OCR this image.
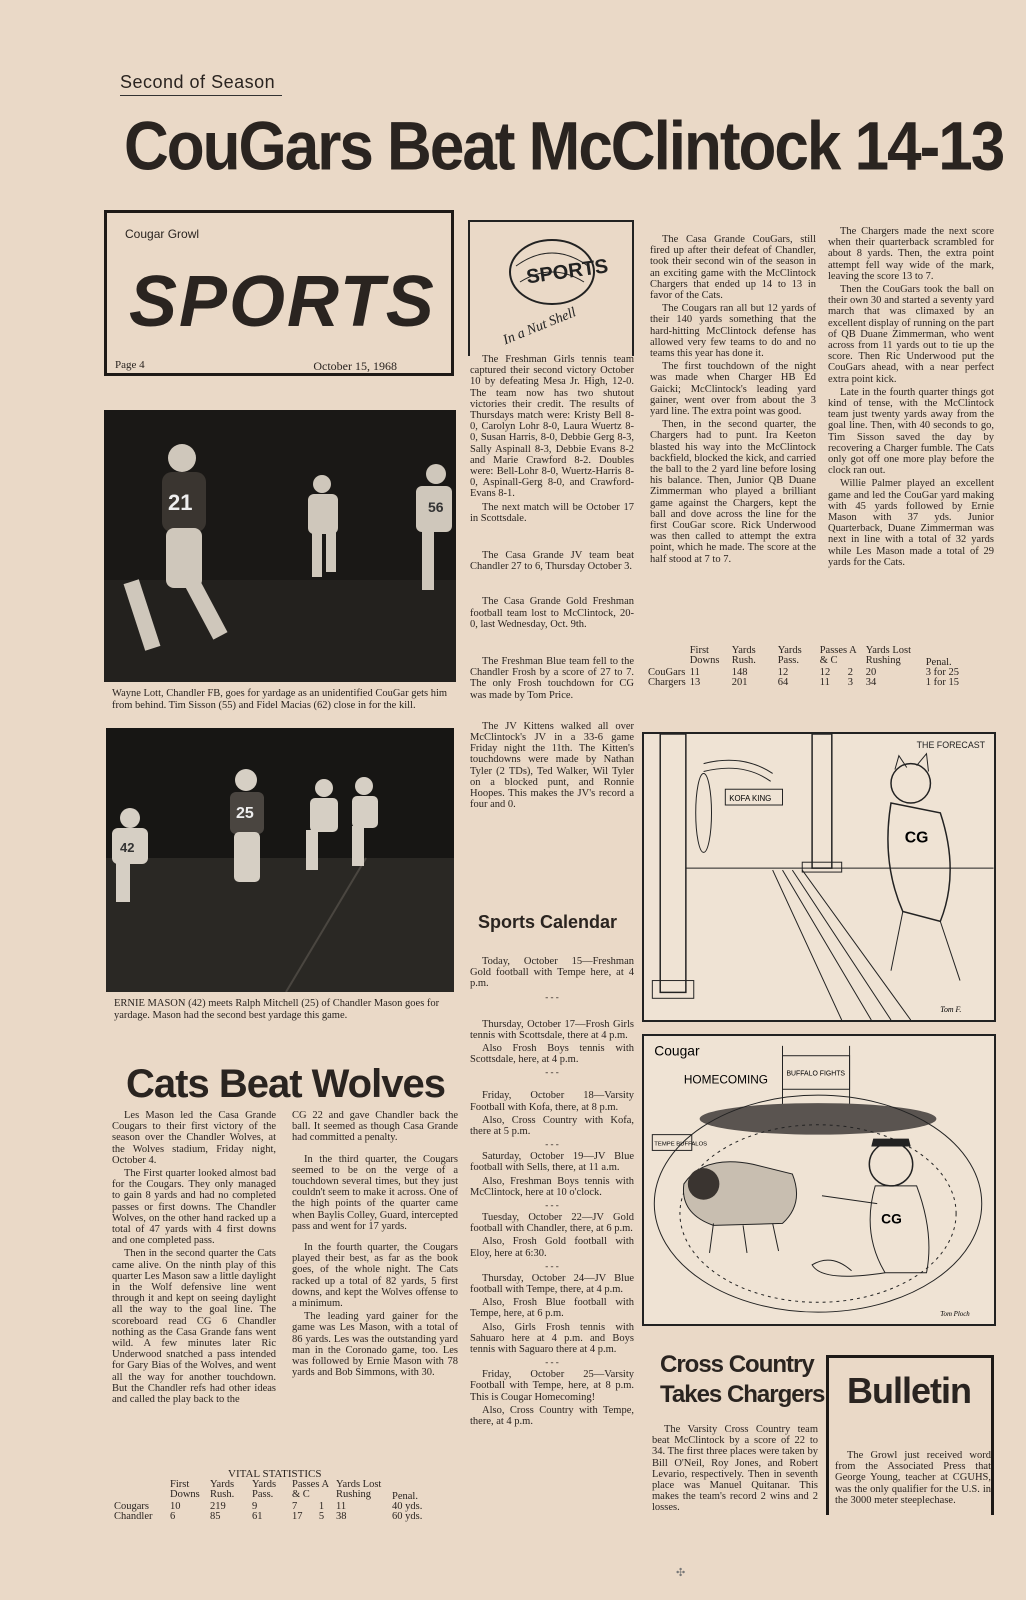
Second of Season
CouGars Beat McClintock 14-13
Cougar Growl
SPORTS
Page 4	October 15, 1968
21	56
Wayne Lott, Chandler FB, goes for yardage as an unidentified CouGar gets him from behind. Tim Sisson (55) and Fidel Macias (62) close in for the kill.
25
42
ERNIE MASON (42) meets Ralph Mitchell (25) of Chandler Mason goes for yardage. Mason had the second best yardage this game.
SPORTS
In a Nut Shell

The Freshman Girls tennis team captured their second victory October 10 by defeating Mesa Jr. High, 12-0. The team now has two shutout victories their credit. The results of Thursdays match were: Kristy Bell 8-0, Carolyn Lohr 8-0, Laura Wuertz 8-0, Susan Harris, 8-0, Debbie Gerg 8-3, Sally Aspinall 8-3, Debbie Evans 8-2 and Marie Crawford 8-2. Doubles were: Bell-Lohr 8-0, Wuertz-Harris 8-0, Aspinall-Gerg 8-0, and Crawford-Evans 8-1.

The next match will be October 17 in Scottsdale.

The Casa Grande JV team beat Chandler 27 to 6, Thursday October 3.

The Casa Grande Gold Freshman football team lost to McClintock, 20-0, last Wednesday, Oct. 9th.

The Freshman Blue team fell to the Chandler Frosh by a score of 27 to 7. The only Frosh touchdown for CG was made by Tom Price.

The JV Kittens walked all over McClintock's JV in a 33-6 game Friday night the 11th. The Kitten's touchdowns were made by Nathan Tyler (2 TDs), Ted Walker, Wil Tyler on a blocked punt, and Ronnie Hoopes. This makes the JV's record a four and 0.

Sports Calendar

Today, October 15—Freshman Gold football with Tempe here, at 4 p.m.

- - -

Thursday, October 17—Frosh Girls tennis with Scottsdale, there at 4 p.m.

Also Frosh Boys tennis with Scottsdale, here, at 4 p.m.

- - -

Friday, October 18—Varsity Football with Kofa, there, at 8 p.m.

Also, Cross Country with Kofa, there at 5 p.m.

- - -

Saturday, October 19—JV Blue football with Sells, there, at 11 a.m.

Also, Freshman Boys tennis with McClintock, here at 10 o'clock.

- - -

Tuesday, October 22—JV Gold football with Chandler, there, at 6 p.m.

Also, Frosh Gold football with Eloy, here at 6:30.

- - -

Thursday, October 24—JV Blue football with Tempe, there, at 4 p.m.

Also, Frosh Blue football with Tempe, here, at 6 p.m.

Also, Girls Frosh tennis with Sahuaro here at 4 p.m. and Boys tennis with Saguaro there at 4 p.m.

- - -

Friday, October 25—Varsity Football with Tempe, here, at 8 p.m. This is Cougar Homecoming!

Also, Cross Country with Tempe, there, at 4 p.m.

The Casa Grande CouGars, still fired up after their defeat of Chandler, took their second win of the season in an exciting game with the McClintock Chargers that ended up 14 to 13 in favor of the Cats.

The Cougars ran all but 12 yards of their 140 yards something that the hard-hitting McClintock defense has allowed very few teams to do and no teams this year has done it.

The first touchdown of the night was made when Charger HB Ed Gaicki; McClintock's leading yard gainer, went over from about the 3 yard line. The extra point was good.

Then, in the second quarter, the Chargers had to punt. Ira Keeton blasted his way into the McClintock backfield, blocked the kick, and carried the ball to the 2 yard line before losing his balance. Then, Junior QB Duane Zimmerman who played a brilliant game against the Chargers, kept the ball and dove across the line for the first CouGar score. Rick Underwood was then called to attempt the extra point, which he made. The score at the half stood at 7 to 7.

The Chargers made the next score when their quarterback scrambled for about 8 yards. Then, the extra point attempt fell way wide of the mark, leaving the score 13 to 7.

Then the CouGars took the ball on their own 30 and started a seventy yard march that was climaxed by an excellent display of running on the part of QB Duane Zimmerman, who went across from 11 yards out to tie up the score. Then Ric Underwood put the CouGars ahead, with a near perfect extra point kick.

Late in the fourth quarter things got kind of tense, with the McClintock team just twenty yards away from the goal line. Then, with 40 seconds to go, Tim Sisson saved the day by recovering a Charger fumble. The Cats only got off one more play before the clock ran out.

Willie Palmer played an excellent game and led the CouGar yard making with 45 yards followed by Ernie Mason with 37 yds. Junior Quarterback, Duane Zimmerman was next in line with a total of 32 yards while Les Mason made a total of 29 yards for the Cats.

	First Downs	Yards Rush.	Yards Pass.	Passes A & C		Yards Lost Rushing	Penal.
CouGars	11	148	12	12	2	20	3 for 25
Chargers	13	201	64	11	3	34	1 for 15
THE FORECAST
KOFA KING
CG
Tom F.
Cougar
HOMECOMING	BUFFALO FIGHTS
TEMPE BUFFALOS
CG
Tom Ploch
Cats Beat Wolves

Les Mason led the Casa Grande Cougars to their first victory of the season over the Chandler Wolves, at the Wolves stadium, Friday night, October 4.

The First quarter looked almost bad for the Cougars. They only managed to gain 8 yards and had no completed passes or first downs. The Chandler Wolves, on the other hand racked up a total of 47 yards with 4 first downs and one completed pass.

Then in the second quarter the Cats came alive. On the ninth play of this quarter Les Mason saw a little daylight in the Wolf defensive line went through it and kept on seeing daylight all the way to the goal line. The scoreboard read CG 6 Chandler nothing as the Casa Grande fans went wild. A few minutes later Ric Underwood snatched a pass intended for Gary Bias of the Wolves, and went all the way for another touchdown. But the Chandler refs had other ideas and called the play back to the

CG 22 and gave Chandler back the ball. It seemed as though Casa Grande had committed a penalty.

In the third quarter, the Cougars seemed to be on the verge of a touchdown several times, but they just couldn't seem to make it across. One of the high points of the quarter came when Baylis Colley, Guard, intercepted pass and went for 17 yards.

In the fourth quarter, the Cougars played their best, as far as the book goes, of the whole night. The Cats racked up a total of 82 yards, 5 first downs, and kept the Wolves offense to a minimum.

The leading yard gainer for the game was Les Mason, with a total of 86 yards. Les was the outstanding yard man in the Coronado game, too. Les was followed by Ernie Mason with 78 yards and Bob Simmons, with 30.

VITAL STATISTICS
	First Downs	Yards Rush.	Yards Pass.	Passes A & C		Yards Lost Rushing	Penal.
Cougars	10	219	9	7	1	11	40 yds.
Chandler	6	85	61	17	5	38	60 yds.
Cross Country
Takes Chargers

The Varsity Cross Country team beat McClintock by a score of 22 to 34. The first three places were taken by Bill O'Neil, Roy Jones, and Robert Levario, respectively. Then in seventh place was Manuel Quitanar. This makes the team's record 2 wins and 2 losses.

Bulletin

The Growl just received word from the Associated Press that George Young, teacher at CGUHS, was the only qualifier for the U.S. in the 3000 meter steeplechase.

✣
